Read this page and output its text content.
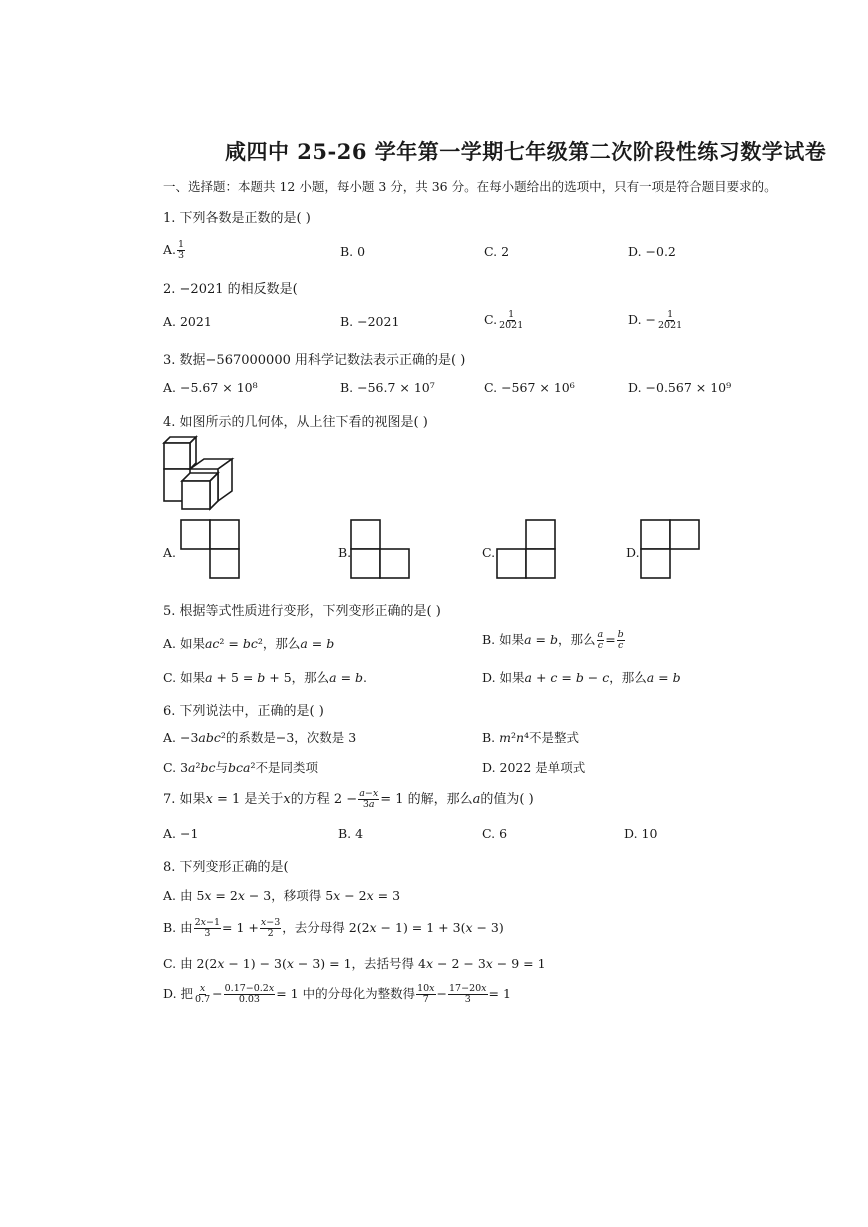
咸四中 25-26 学年第一学期七年级第二次阶段性练习数学试卷
一、选择题：本题共 12 小题，每小题 3 分，共 36 分。在每小题给出的选项中，只有一项是符合题目要求的。
1. 下列各数是正数的是( )
A. $\frac{1}{3}$	B. 0	C. 2	D. −0.2
2. −2021 的相反数是(
A. 2021	B. −2021	C. $\frac{1}{2021}$	D. − $\frac{1}{2021}$
3. 数据−567000000 用科学记数法表示正确的是( )
A. −5.67 × 10⁸	B. −56.7 × 10⁷	C. −567 × 10⁶	D. −0.567 × 10⁹
4. 如图所示的几何体，从上往下看的视图是( )
A.	B.	C.	D.
5. 根据等式性质进行变形，下列变形正确的是( )
A. 如果𝑎𝑐² = 𝑏𝑐²，那么𝑎 = 𝑏	B. 如果𝑎 = 𝑏，那么 $\frac{\text{𝑎}}{\text{𝑐}} = \frac{\text{𝑏}}{\text{𝑐}}$
C. 如果𝑎 + 5 = 𝑏 + 5，那么𝑎 = 𝑏.	D. 如果𝑎 + 𝑐 = 𝑏 − 𝑐，那么𝑎 = 𝑏
6. 下列说法中，正确的是( )
A. −3𝑎𝑏𝑐²的系数是−3，次数是 3	B. 𝑚²𝑛⁴不是整式
C. 3𝑎²𝑏𝑐与𝑏𝑐𝑎²不是同类项	D. 2022 是单项式
7. 如果𝑥 = 1 是关于𝑥的方程 $2 - \frac{\text{𝑎−𝑥}}{\text{3𝑎}} = 1$ 的解，那么𝑎的值为( )
A. −1	B. 4	C. 6	D. 10
8. 下列变形正确的是(
A. 由 5𝑥 = 2𝑥 − 3，移项得 5𝑥 − 2𝑥 = 3
B. 由 $\frac{\text{2𝑥−1}}{3} = 1 + \frac{\text{𝑥−3}}{2}$ ，去分母得 2(2𝑥 − 1) = 1 + 3(𝑥 − 3)
C. 由 2(2𝑥 − 1) − 3(𝑥 − 3) = 1，去括号得 4𝑥 − 2 − 3𝑥 − 9 = 1
D. 把 $\frac{\text{𝑥}}{0.7} - \frac{\text{0.17−0.2𝑥}}{0.03} = 1$ 中的分母化为整数得 $\frac{\text{10𝑥}}{7} - \frac{\text{17−20𝑥}}{3} = 1$
